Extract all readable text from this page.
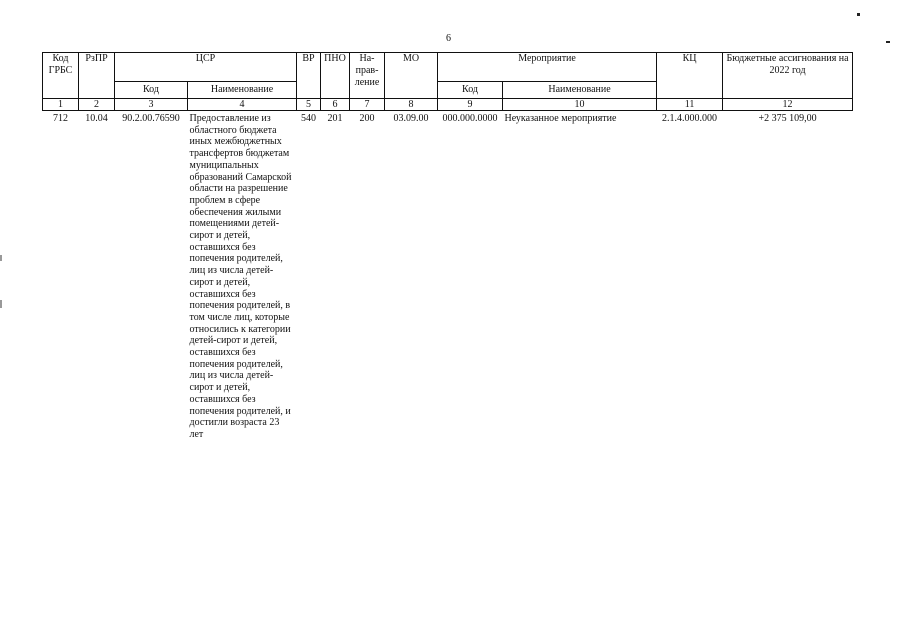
6
Код ГРБС	РзПР	ЦСР		ВР	ПНО	На-прав-ление	МО	Мероприятие		КЦ	Бюджетные ассигнования на 2022 год
		Код	Наименование					Код	Наименование		
1	2	3	4	5	6	7	8	9	10	11	12
712	10.04	90.2.00.76590	Предоставление из областного бюджета иных межбюджетных трансфертов бюджетам муниципальных образований Самарской области на разрешение проблем в сфере обеспечения жилыми помещениями детей-сирот и детей, оставшихся без попечения родителей, лиц из числа детей-сирот и детей, оставшихся без попечения родителей, в том числе лиц, которые относились к категории детей-сирот и детей, оставшихся без попечения родителей, лиц из числа детей-сирот и детей, оставшихся без попечения родителей, и достигли возраста 23 лет	540	201	200	03.09.00	000.000.0000	Неуказанное мероприятие	2.1.4.000.000	+2 375 109,00
